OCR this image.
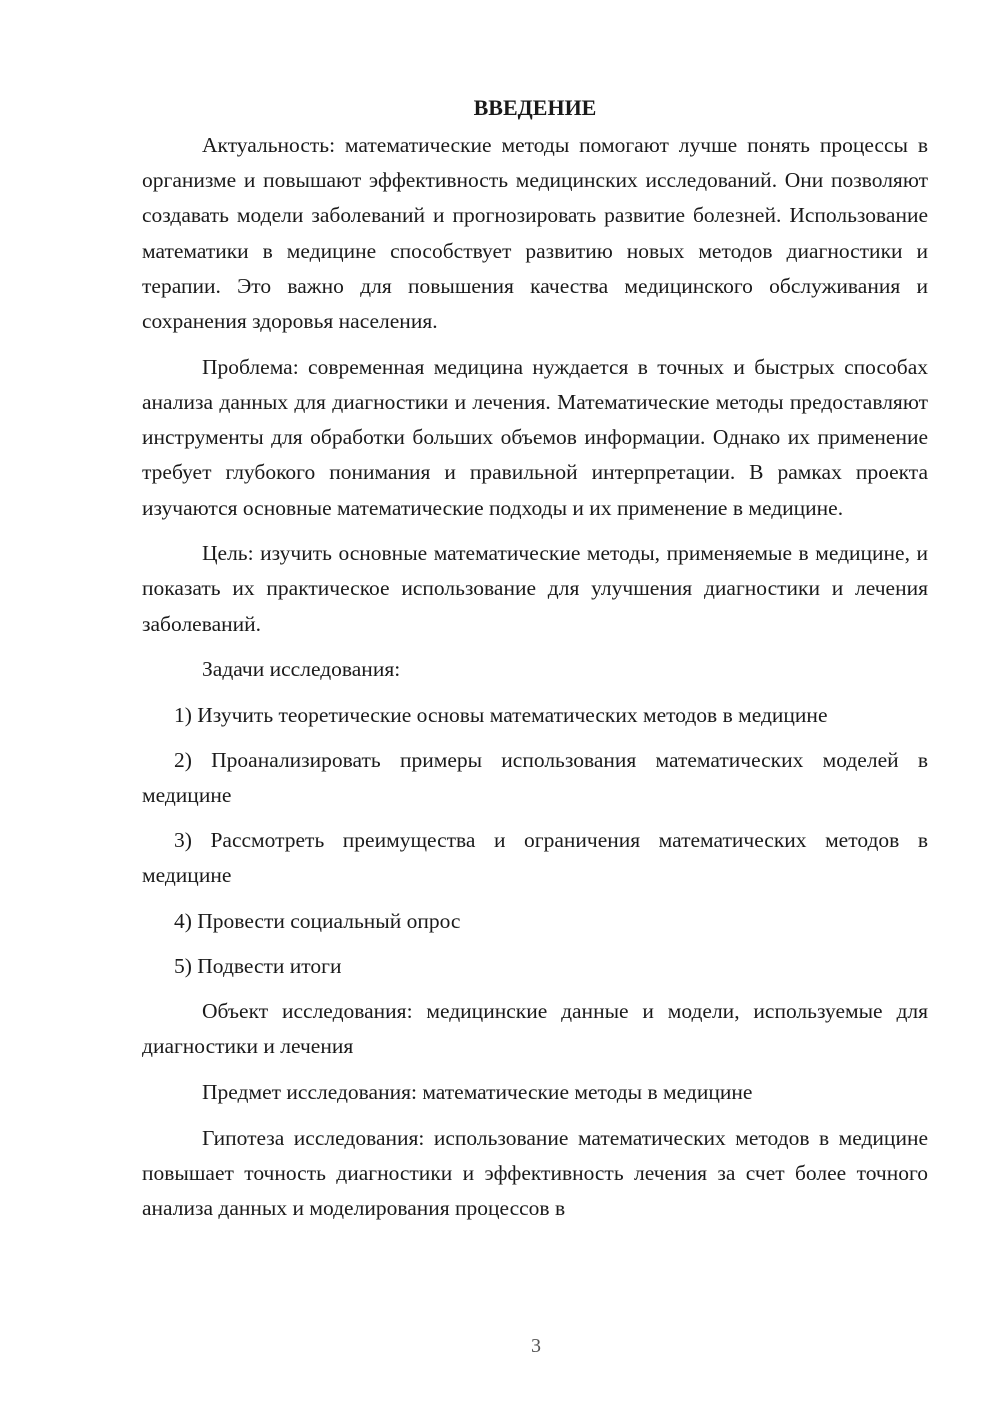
ВВЕДЕНИЕ

Актуальность: математические методы помогают лучше понять процессы в организме и повышают эффективность медицинских исследований. Они позволяют создавать модели заболеваний и прогнозировать развитие болезней. Использование математики в медицине способствует развитию новых методов диагностики и терапии. Это важно для повышения качества медицинского обслуживания и сохранения здоровья населения.

Проблема: современная медицина нуждается в точных и быстрых способах анализа данных для диагностики и лечения. Математические методы предоставляют инструменты для обработки больших объемов информации. Однако их применение требует глубокого понимания и правильной интерпретации. В рамках проекта изучаются основные математические подходы и их применение в медицине.

Цель: изучить основные математические методы, применяемые в медицине, и показать их практическое использование для улучшения диагностики и лечения заболеваний.

Задачи исследования:

1) Изучить теоретические основы математических методов в медицине
2) Проанализировать примеры использования математических моделей в медицине
3) Рассмотреть преимущества и ограничения математических методов в медицине
4) Провести социальный опрос
5) Подвести итоги

Объект исследования: медицинские данные и модели, используемые для диагностики и лечения

Предмет исследования: математические методы в медицине

Гипотеза исследования: использование математических методов в медицине повышает точность диагностики и эффективность лечения за счет более точного анализа данных и моделирования процессов в

3
